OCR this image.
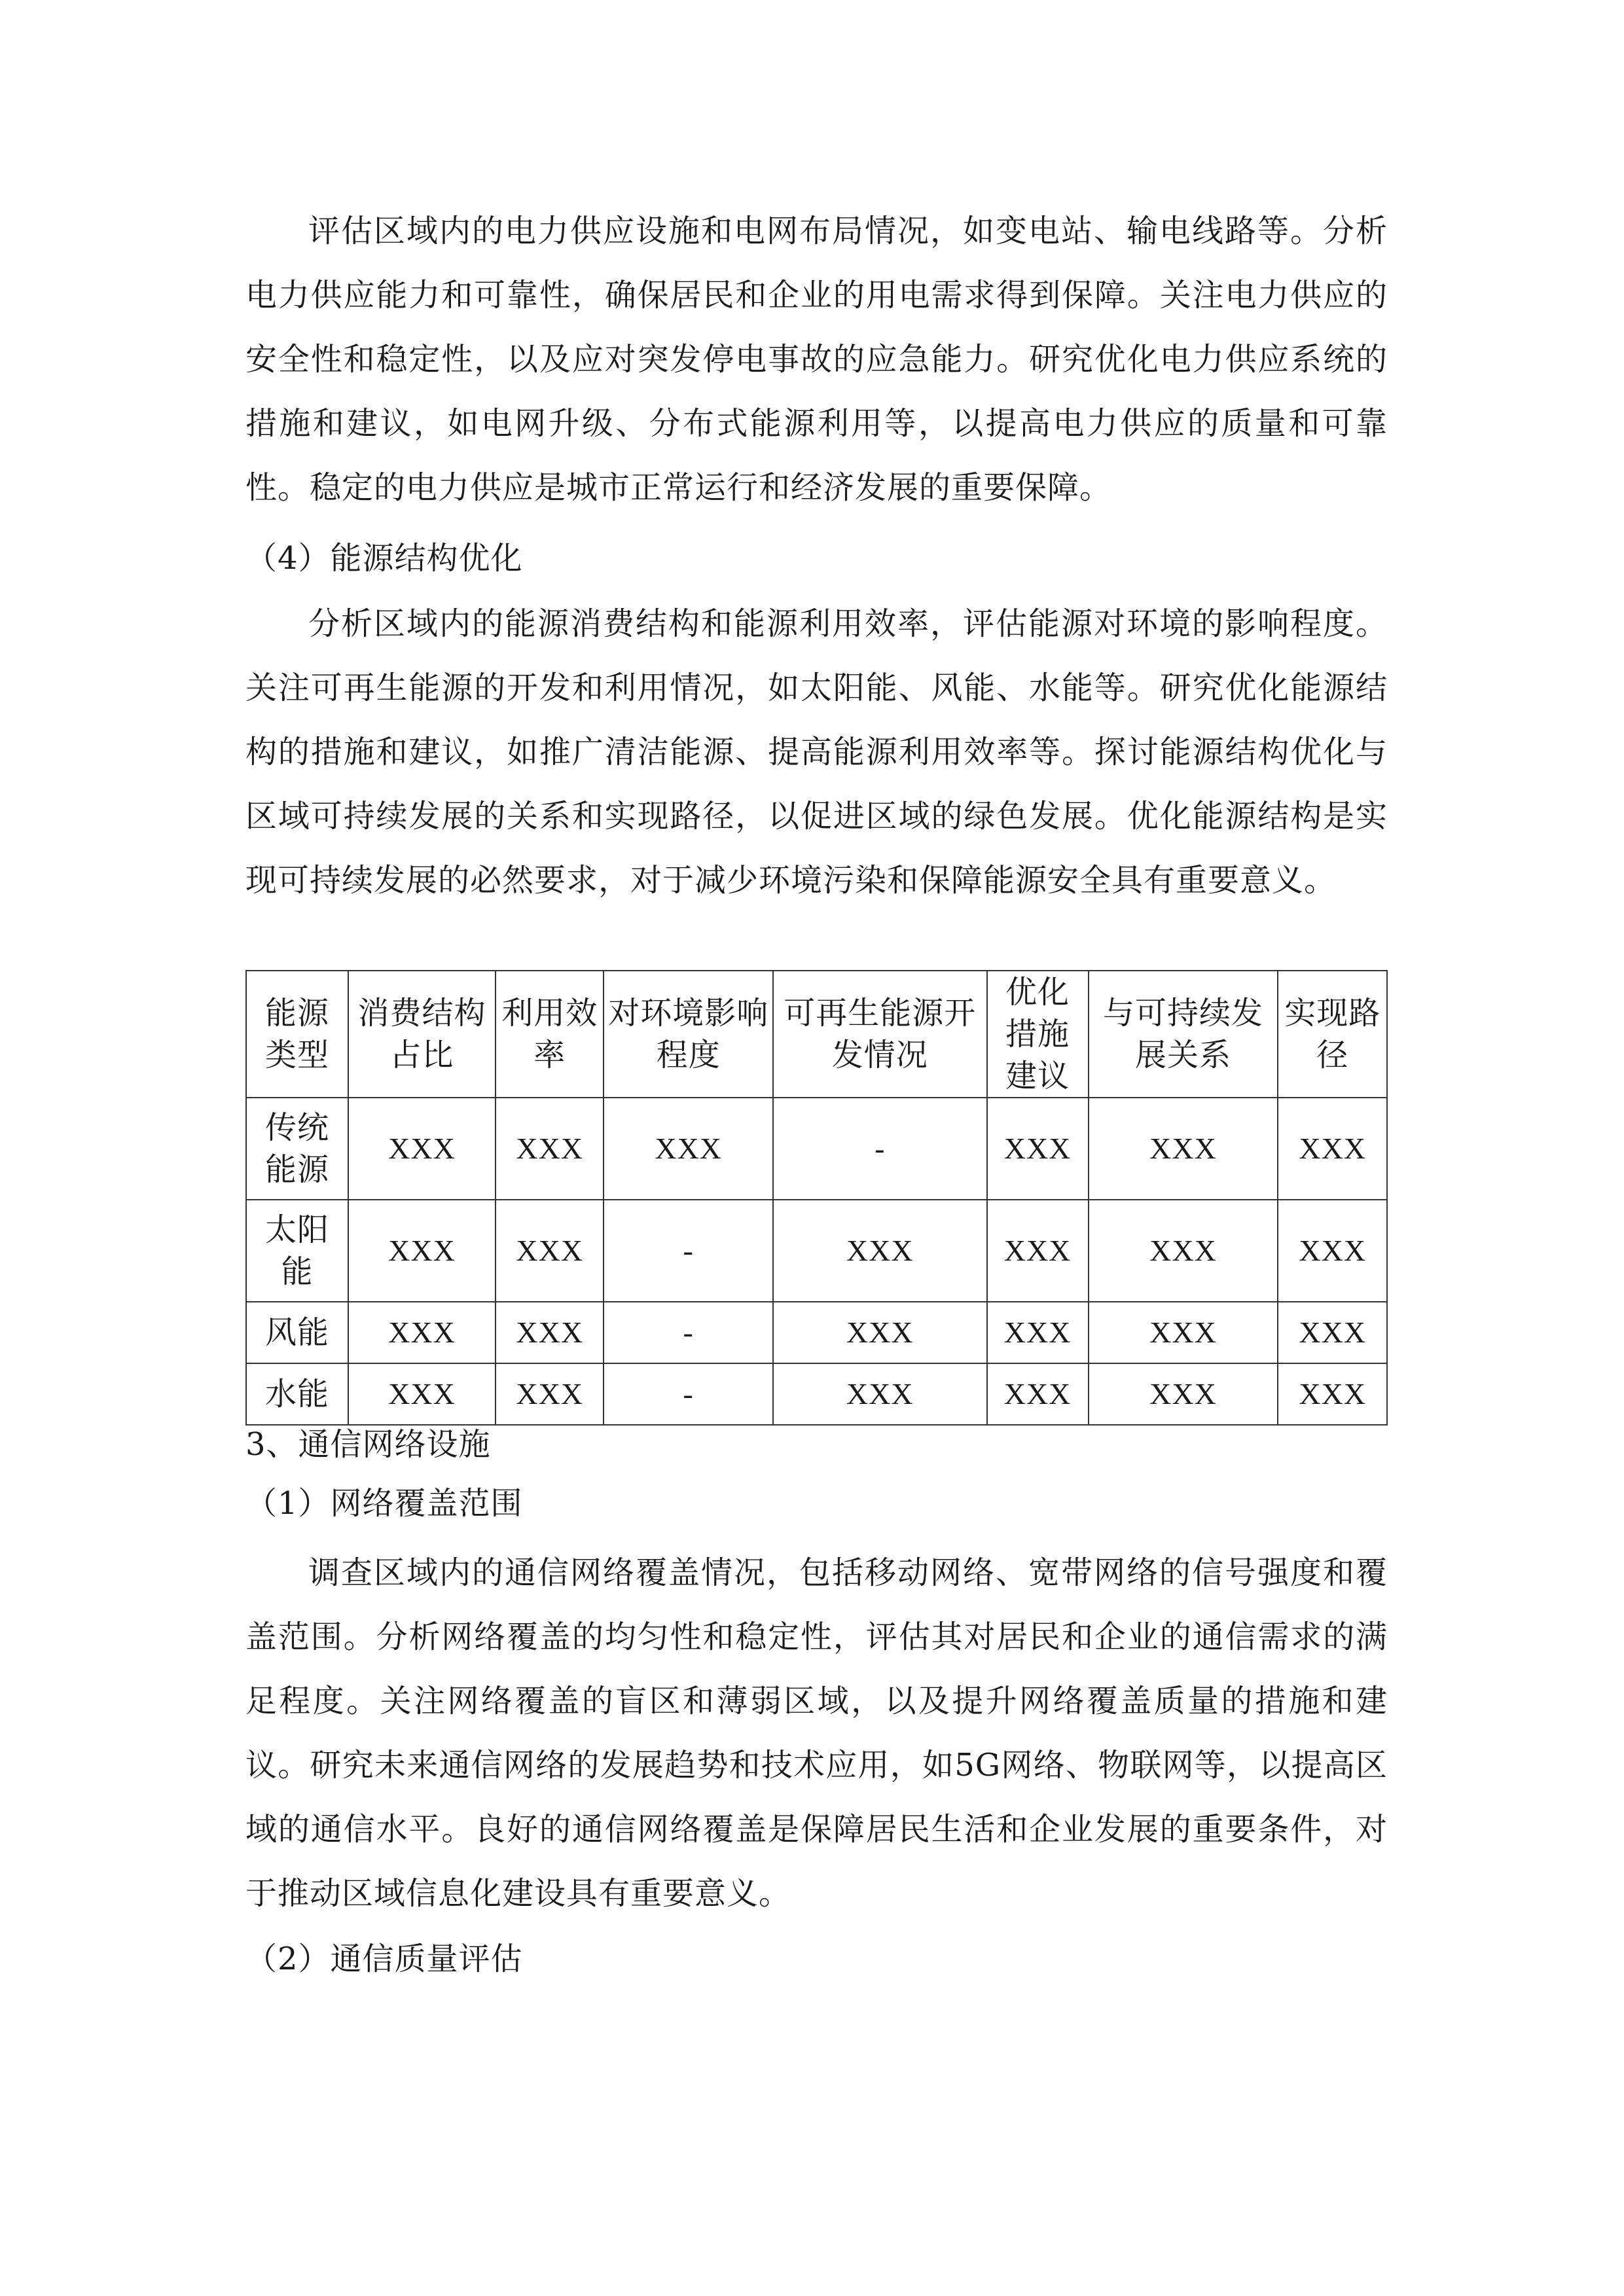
评估区域内的电力供应设施和电网布局情况，如变电站、输电线路等。分析电力供应能力和可靠性，确保居民和企业的用电需求得到保障。关注电力供应的安全性和稳定性，以及应对突发停电事故的应急能力。研究优化电力供应系统的措施和建议，如电网升级、分布式能源利用等，以提高电力供应的质量和可靠性。稳定的电力供应是城市正常运行和经济发展的重要保障。

（4）能源结构优化

分析区域内的能源消费结构和能源利用效率，评估能源对环境的影响程度。关注可再生能源的开发和利用情况，如太阳能、风能、水能等。研究优化能源结构的措施和建议，如推广清洁能源、提高能源利用效率等。探讨能源结构优化与区域可持续发展的关系和实现路径，以促进区域的绿色发展。优化能源结构是实现可持续发展的必然要求，对于减少环境污染和保障能源安全具有重要意义。

能源类型	消费结构占比	利用效率	对环境影响程度	可再生能源开发情况	优化措施建议	与可持续发展关系	实现路径
传统能源	XXX	XXX	XXX	-	XXX	XXX	XXX
太阳能	XXX	XXX	-	XXX	XXX	XXX	XXX
风能	XXX	XXX	-	XXX	XXX	XXX	XXX
水能	XXX	XXX	-	XXX	XXX	XXX	XXX

3、通信网络设施

（1）网络覆盖范围

调查区域内的通信网络覆盖情况，包括移动网络、宽带网络的信号强度和覆盖范围。分析网络覆盖的均匀性和稳定性，评估其对居民和企业的通信需求的满足程度。关注网络覆盖的盲区和薄弱区域，以及提升网络覆盖质量的措施和建议。研究未来通信网络的发展趋势和技术应用，如5G网络、物联网等，以提高区域的通信水平。良好的通信网络覆盖是保障居民生活和企业发展的重要条件，对于推动区域信息化建设具有重要意义。

（2）通信质量评估
